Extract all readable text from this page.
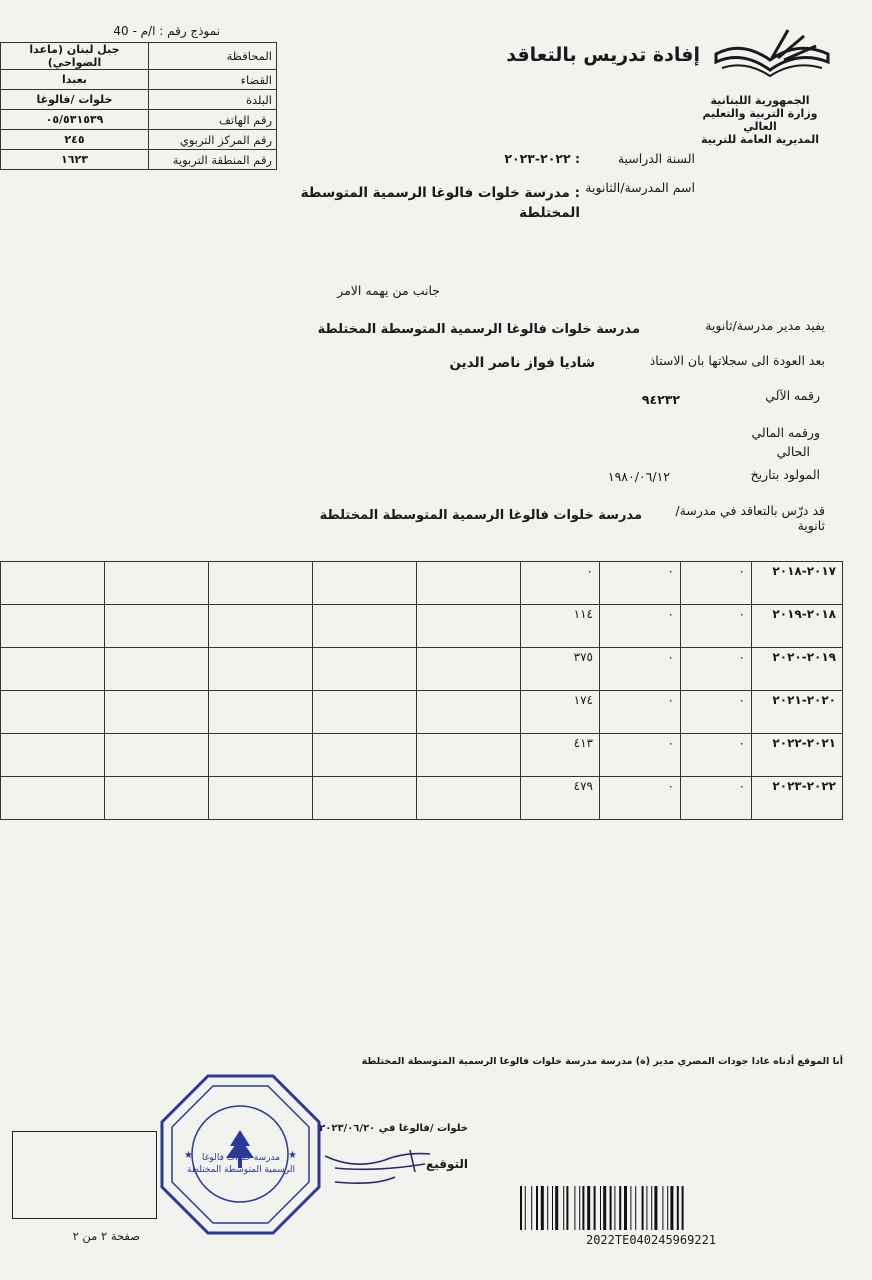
نموذج رقم : ا/م - 40
إفادة تدريس بالتعاقد
الجمهورية اللبنانية
وزارة التربية والتعليم العالي
المديرية العامة للتربية
المحافظة	جبل لبنان (ماعدا الضواحي)
القضاء	بعبدا
البلدة	خلوات /فالوغا
رقم الهاتف	٠٥/٥٣١٥٣٩
رقم المركز التربوي	٢٤٥
رقم المنطقة التربوية	١٦٢٣	السنة الدراسية
: ٢٠٢٢-٢٠٢٣
اسم المدرسة/الثانوية
: مدرسة خلوات فالوغا الرسمية المتوسطة
المختلطة
جانب من يهمه الامر
يفيد مدير مدرسة/ثانوية
مدرسة خلوات فالوغا الرسمية المتوسطة المختلطة
بعد العودة الى سجلاتها بان الاستاذ
شاديا فواز ناصر الدين
رقمه الآلي
٩٤٢٣٢
ورقمه المالي
الحالي
المولود بتاريخ
١٩٨٠/٠٦/١٢
قد درّس بالتعاقد في مدرسة/ ثانوية
مدرسة خلوات فالوغا الرسمية المتوسطة المختلطة

					٠	٠	٠	٢٠١٧-٢٠١٨

					١١٤	٠	٠	٢٠١٨-٢٠١٩

					٣٧٥	٠	٠	٢٠١٩-٢٠٢٠

					١٧٤	٠	٠	٢٠٢٠-٢٠٢١

					٤١٣	٠	٠	٢٠٢١-٢٠٢٢

					٤٧٩	٠	٠	٢٠٢٢-٢٠٢٣
أنا الموقع أدناه غادا جودات المصري مدير (ة) مدرسة مدرسة خلوات فالوغا الرسمية المتوسطة المختلطة
خلوات /فالوغا في ٢٠٢٣/٠٦/٢٠
التوقيع
★	★
مدرسة خلوات فالوغا الرسمية المتوسطة المختلطة
صفحة ٢ من ٢	2022TE040245969221
